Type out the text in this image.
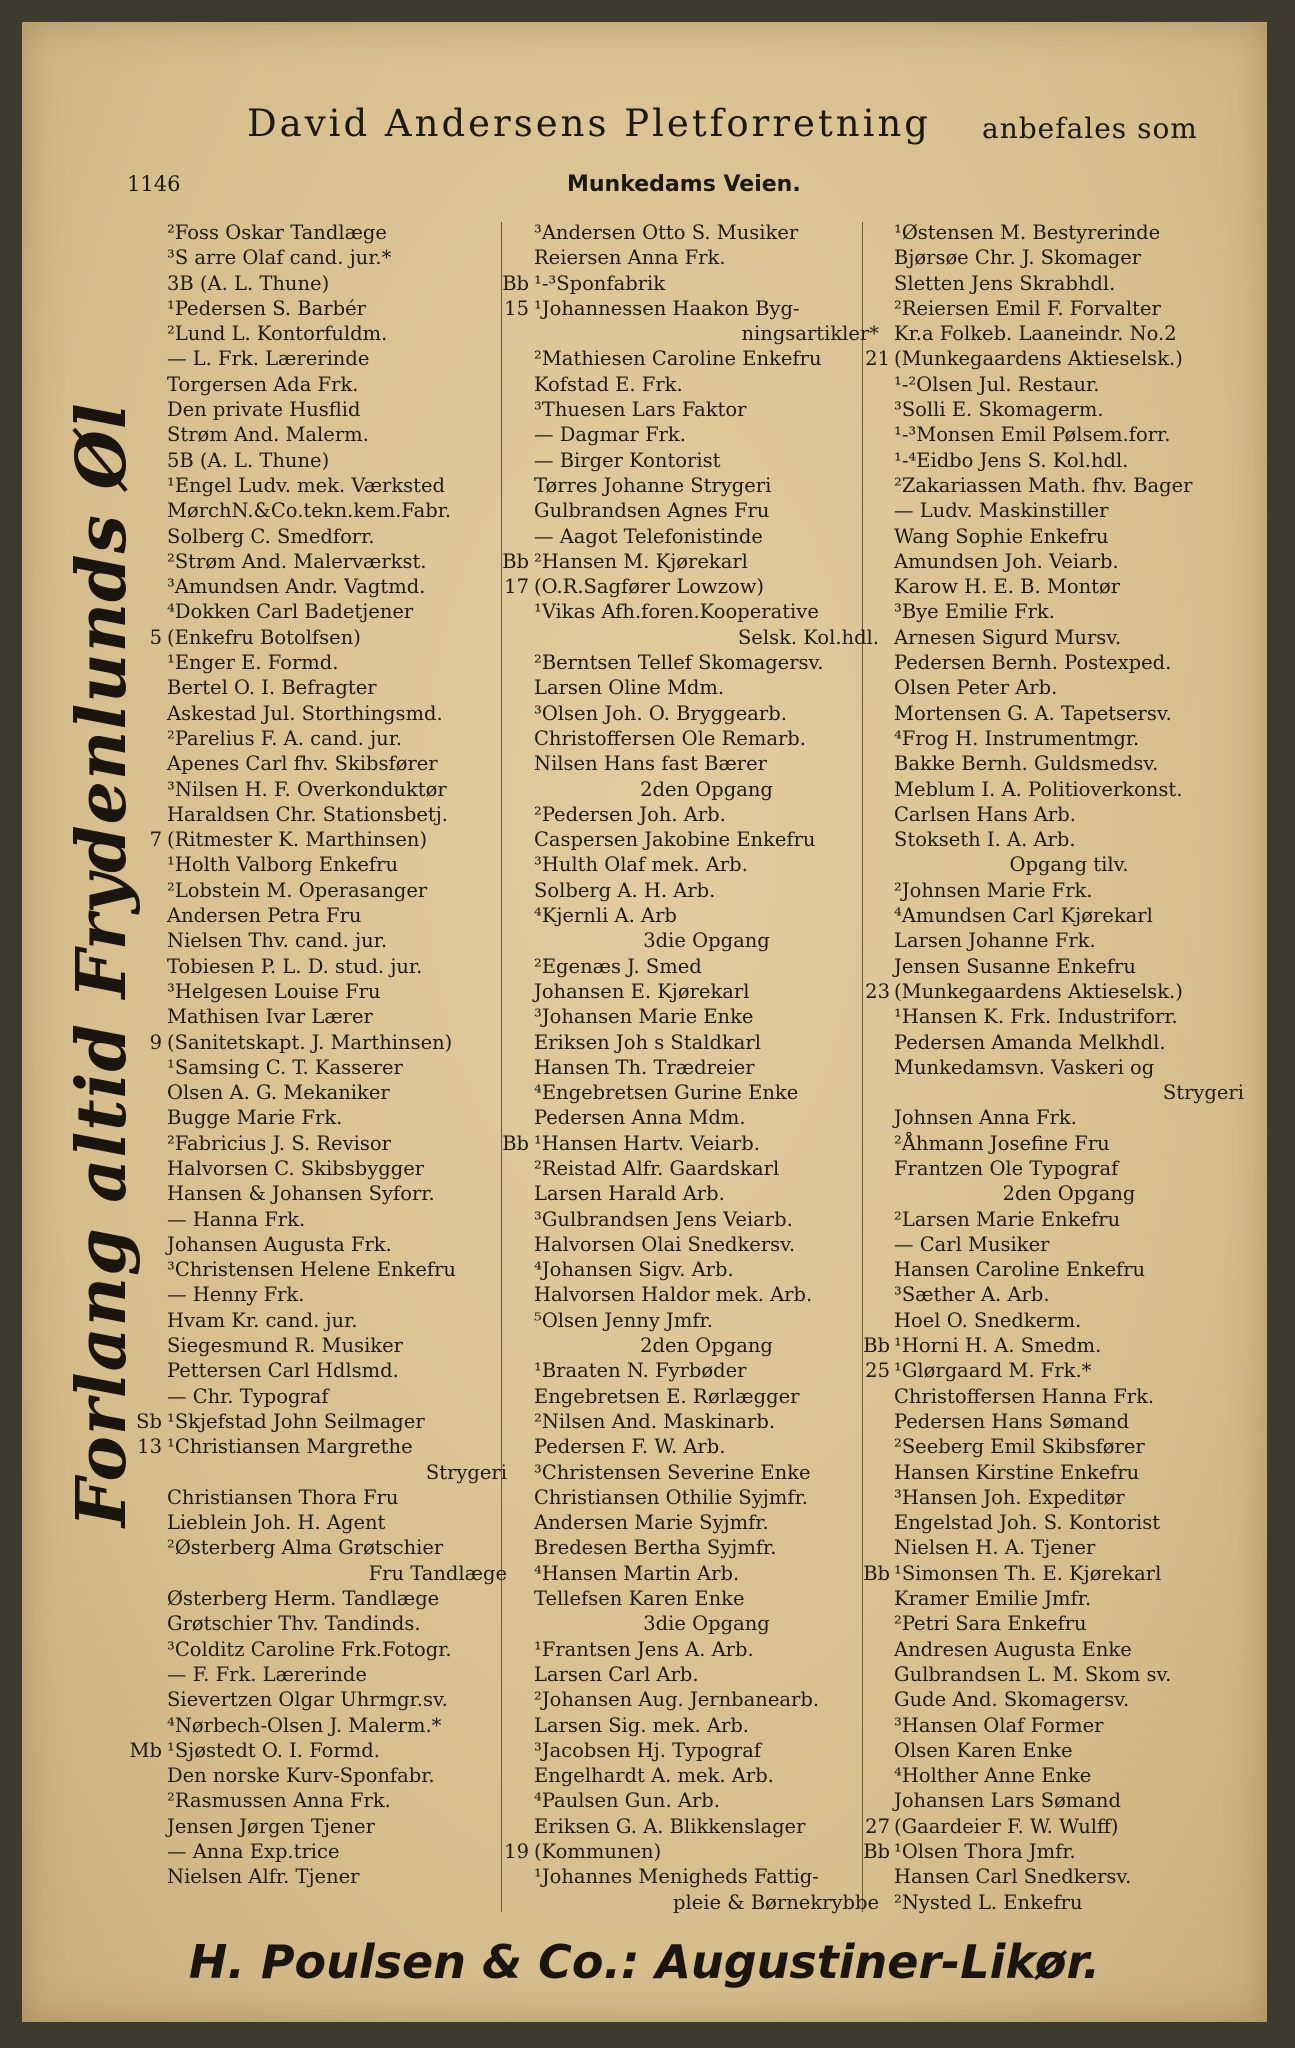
David Andersens Pletforretning anbefales som
1146	Munkedams Veien.
Forlang altid Frydenlunds Øl
²Foss Oskar Tandlæge
³S arre Olaf cand. jur.*
3B (A. L. Thune)
¹Pedersen S. Barbér
²Lund L. Kontorfuldm.
— L. Frk. Lærerinde
Torgersen Ada Frk.
Den private Husflid
Strøm And. Malerm.
5B (A. L. Thune)
¹Engel Ludv. mek. Værksted
MørchN.&Co.tekn.kem.Fabr.
Solberg C. Smedforr.
²Strøm And. Malerværkst.
³Amundsen Andr. Vagtmd.
⁴Dokken Carl Badetjener
5 (Enkefru Botolfsen)
¹Enger E. Formd.
Bertel O. I. Befragter
Askestad Jul. Storthingsmd.
²Parelius F. A. cand. jur.
Apenes Carl fhv. Skibsfører
³Nilsen H. F. Overkonduktør
Haraldsen Chr. Stationsbetj.
7 (Ritmester K. Marthinsen)
¹Holth Valborg Enkefru
²Lobstein M. Operasanger
Andersen Petra Fru
Nielsen Thv. cand. jur.
Tobiesen P. L. D. stud. jur.
³Helgesen Louise Fru
Mathisen Ivar Lærer
9 (Sanitetskapt. J. Marthinsen)
¹Samsing C. T. Kasserer
Olsen A. G. Mekaniker
Bugge Marie Frk.
²Fabricius J. S. Revisor
Halvorsen C. Skibsbygger
Hansen & Johansen Syforr.
— Hanna Frk.
Johansen Augusta Frk.
³Christensen Helene Enkefru
— Henny Frk.
Hvam Kr. cand. jur.
Siegesmund R. Musiker
Pettersen Carl Hdlsmd.
— Chr. Typograf
Sb ¹Skjefstad John Seilmager
13 ¹Christiansen Margrethe
Strygeri
Christiansen Thora Fru
Lieblein Joh. H. Agent
²Østerberg Alma Grøtschier
Fru Tandlæge
Østerberg Herm. Tandlæge
Grøtschier Thv. Tandinds.
³Colditz Caroline Frk.Fotogr.
— F. Frk. Lærerinde
Sievertzen Olgar Uhrmgr.sv.
⁴Nørbech-Olsen J. Malerm.*
Mb ¹Sjøstedt O. I. Formd.
Den norske Kurv-Sponfabr.
²Rasmussen Anna Frk.
Jensen Jørgen Tjener
— Anna Exp.trice
Nielsen Alfr. Tjener
³Andersen Otto S. Musiker
Reiersen Anna Frk.
Bb ¹-³Sponfabrik
15 ¹Johannessen Haakon Byg-
ningsartikler*
²Mathiesen Caroline Enkefru
Kofstad E. Frk.
³Thuesen Lars Faktor
— Dagmar Frk.
— Birger Kontorist
Tørres Johanne Strygeri
Gulbrandsen Agnes Fru
— Aagot Telefonistinde
Bb ²Hansen M. Kjørekarl
17 (O.R.Sagfører Lowzow)
¹Vikas Afh.foren.Kooperative
Selsk. Kol.hdl.
²Berntsen Tellef Skomagersv.
Larsen Oline Mdm.
³Olsen Joh. O. Bryggearb.
Christoffersen Ole Remarb.
Nilsen Hans fast Bærer
2den Opgang
²Pedersen Joh. Arb.
Caspersen Jakobine Enkefru
³Hulth Olaf mek. Arb.
Solberg A. H. Arb.
⁴Kjernli A. Arb
3die Opgang
²Egenæs J. Smed
Johansen E. Kjørekarl
³Johansen Marie Enke
Eriksen Joh s Staldkarl
Hansen Th. Trædreier
⁴Engebretsen Gurine Enke
Pedersen Anna Mdm.
Bb ¹Hansen Hartv. Veiarb.
²Reistad Alfr. Gaardskarl
Larsen Harald Arb.
³Gulbrandsen Jens Veiarb.
Halvorsen Olai Snedkersv.
⁴Johansen Sigv. Arb.
Halvorsen Haldor mek. Arb.
⁵Olsen Jenny Jmfr.
2den Opgang
¹Braaten N. Fyrbøder
Engebretsen E. Rørlægger
²Nilsen And. Maskinarb.
Pedersen F. W. Arb.
³Christensen Severine Enke
Christiansen Othilie Syjmfr.
Andersen Marie Syjmfr.
Bredesen Bertha Syjmfr.
⁴Hansen Martin Arb.
Tellefsen Karen Enke
3die Opgang
¹Frantsen Jens A. Arb.
Larsen Carl Arb.
²Johansen Aug. Jernbanearb.
Larsen Sig. mek. Arb.
³Jacobsen Hj. Typograf
Engelhardt A. mek. Arb.
⁴Paulsen Gun. Arb.
Eriksen G. A. Blikkenslager
19 (Kommunen)
¹Johannes Menigheds Fattig-
pleie & Børnekrybbe
¹Østensen M. Bestyrerinde
Bjørsøe Chr. J. Skomager
Sletten Jens Skrabhdl.
²Reiersen Emil F. Forvalter
Kr.a Folkeb. Laaneindr. No.2
21 (Munkegaardens Aktieselsk.)
¹-²Olsen Jul. Restaur.
³Solli E. Skomagerm.
¹-³Monsen Emil Pølsem.forr.
¹-⁴Eidbo Jens S. Kol.hdl.
²Zakariassen Math. fhv. Bager
— Ludv. Maskinstiller
Wang Sophie Enkefru
Amundsen Joh. Veiarb.
Karow H. E. B. Montør
³Bye Emilie Frk.
Arnesen Sigurd Mursv.
Pedersen Bernh. Postexped.
Olsen Peter Arb.
Mortensen G. A. Tapetsersv.
⁴Frog H. Instrumentmgr.
Bakke Bernh. Guldsmedsv.
Meblum I. A. Politioverkonst.
Carlsen Hans Arb.
Stokseth I. A. Arb.
Opgang tilv.
²Johnsen Marie Frk.
⁴Amundsen Carl Kjørekarl
Larsen Johanne Frk.
Jensen Susanne Enkefru
23 (Munkegaardens Aktieselsk.)
¹Hansen K. Frk. Industriforr.
Pedersen Amanda Melkhdl.
Munkedamsvn. Vaskeri og
Strygeri
Johnsen Anna Frk.
²Åhmann Josefine Fru
Frantzen Ole Typograf
2den Opgang
²Larsen Marie Enkefru
— Carl Musiker
Hansen Caroline Enkefru
³Sæther A. Arb.
Hoel O. Snedkerm.
Bb ¹Horni H. A. Smedm.
25 ¹Glørgaard M. Frk.*
Christoffersen Hanna Frk.
Pedersen Hans Sømand
²Seeberg Emil Skibsfører
Hansen Kirstine Enkefru
³Hansen Joh. Expeditør
Engelstad Joh. S. Kontorist
Nielsen H. A. Tjener
Bb ¹Simonsen Th. E. Kjørekarl
Kramer Emilie Jmfr.
²Petri Sara Enkefru
Andresen Augusta Enke
Gulbrandsen L. M. Skom sv.
Gude And. Skomagersv.
³Hansen Olaf Former
Olsen Karen Enke
⁴Holther Anne Enke
Johansen Lars Sømand
27 (Gaardeier F. W. Wulff)
Bb ¹Olsen Thora Jmfr.
Hansen Carl Snedkersv.
²Nysted L. Enkefru
H. Poulsen & Co.: Augustiner-Likør.
